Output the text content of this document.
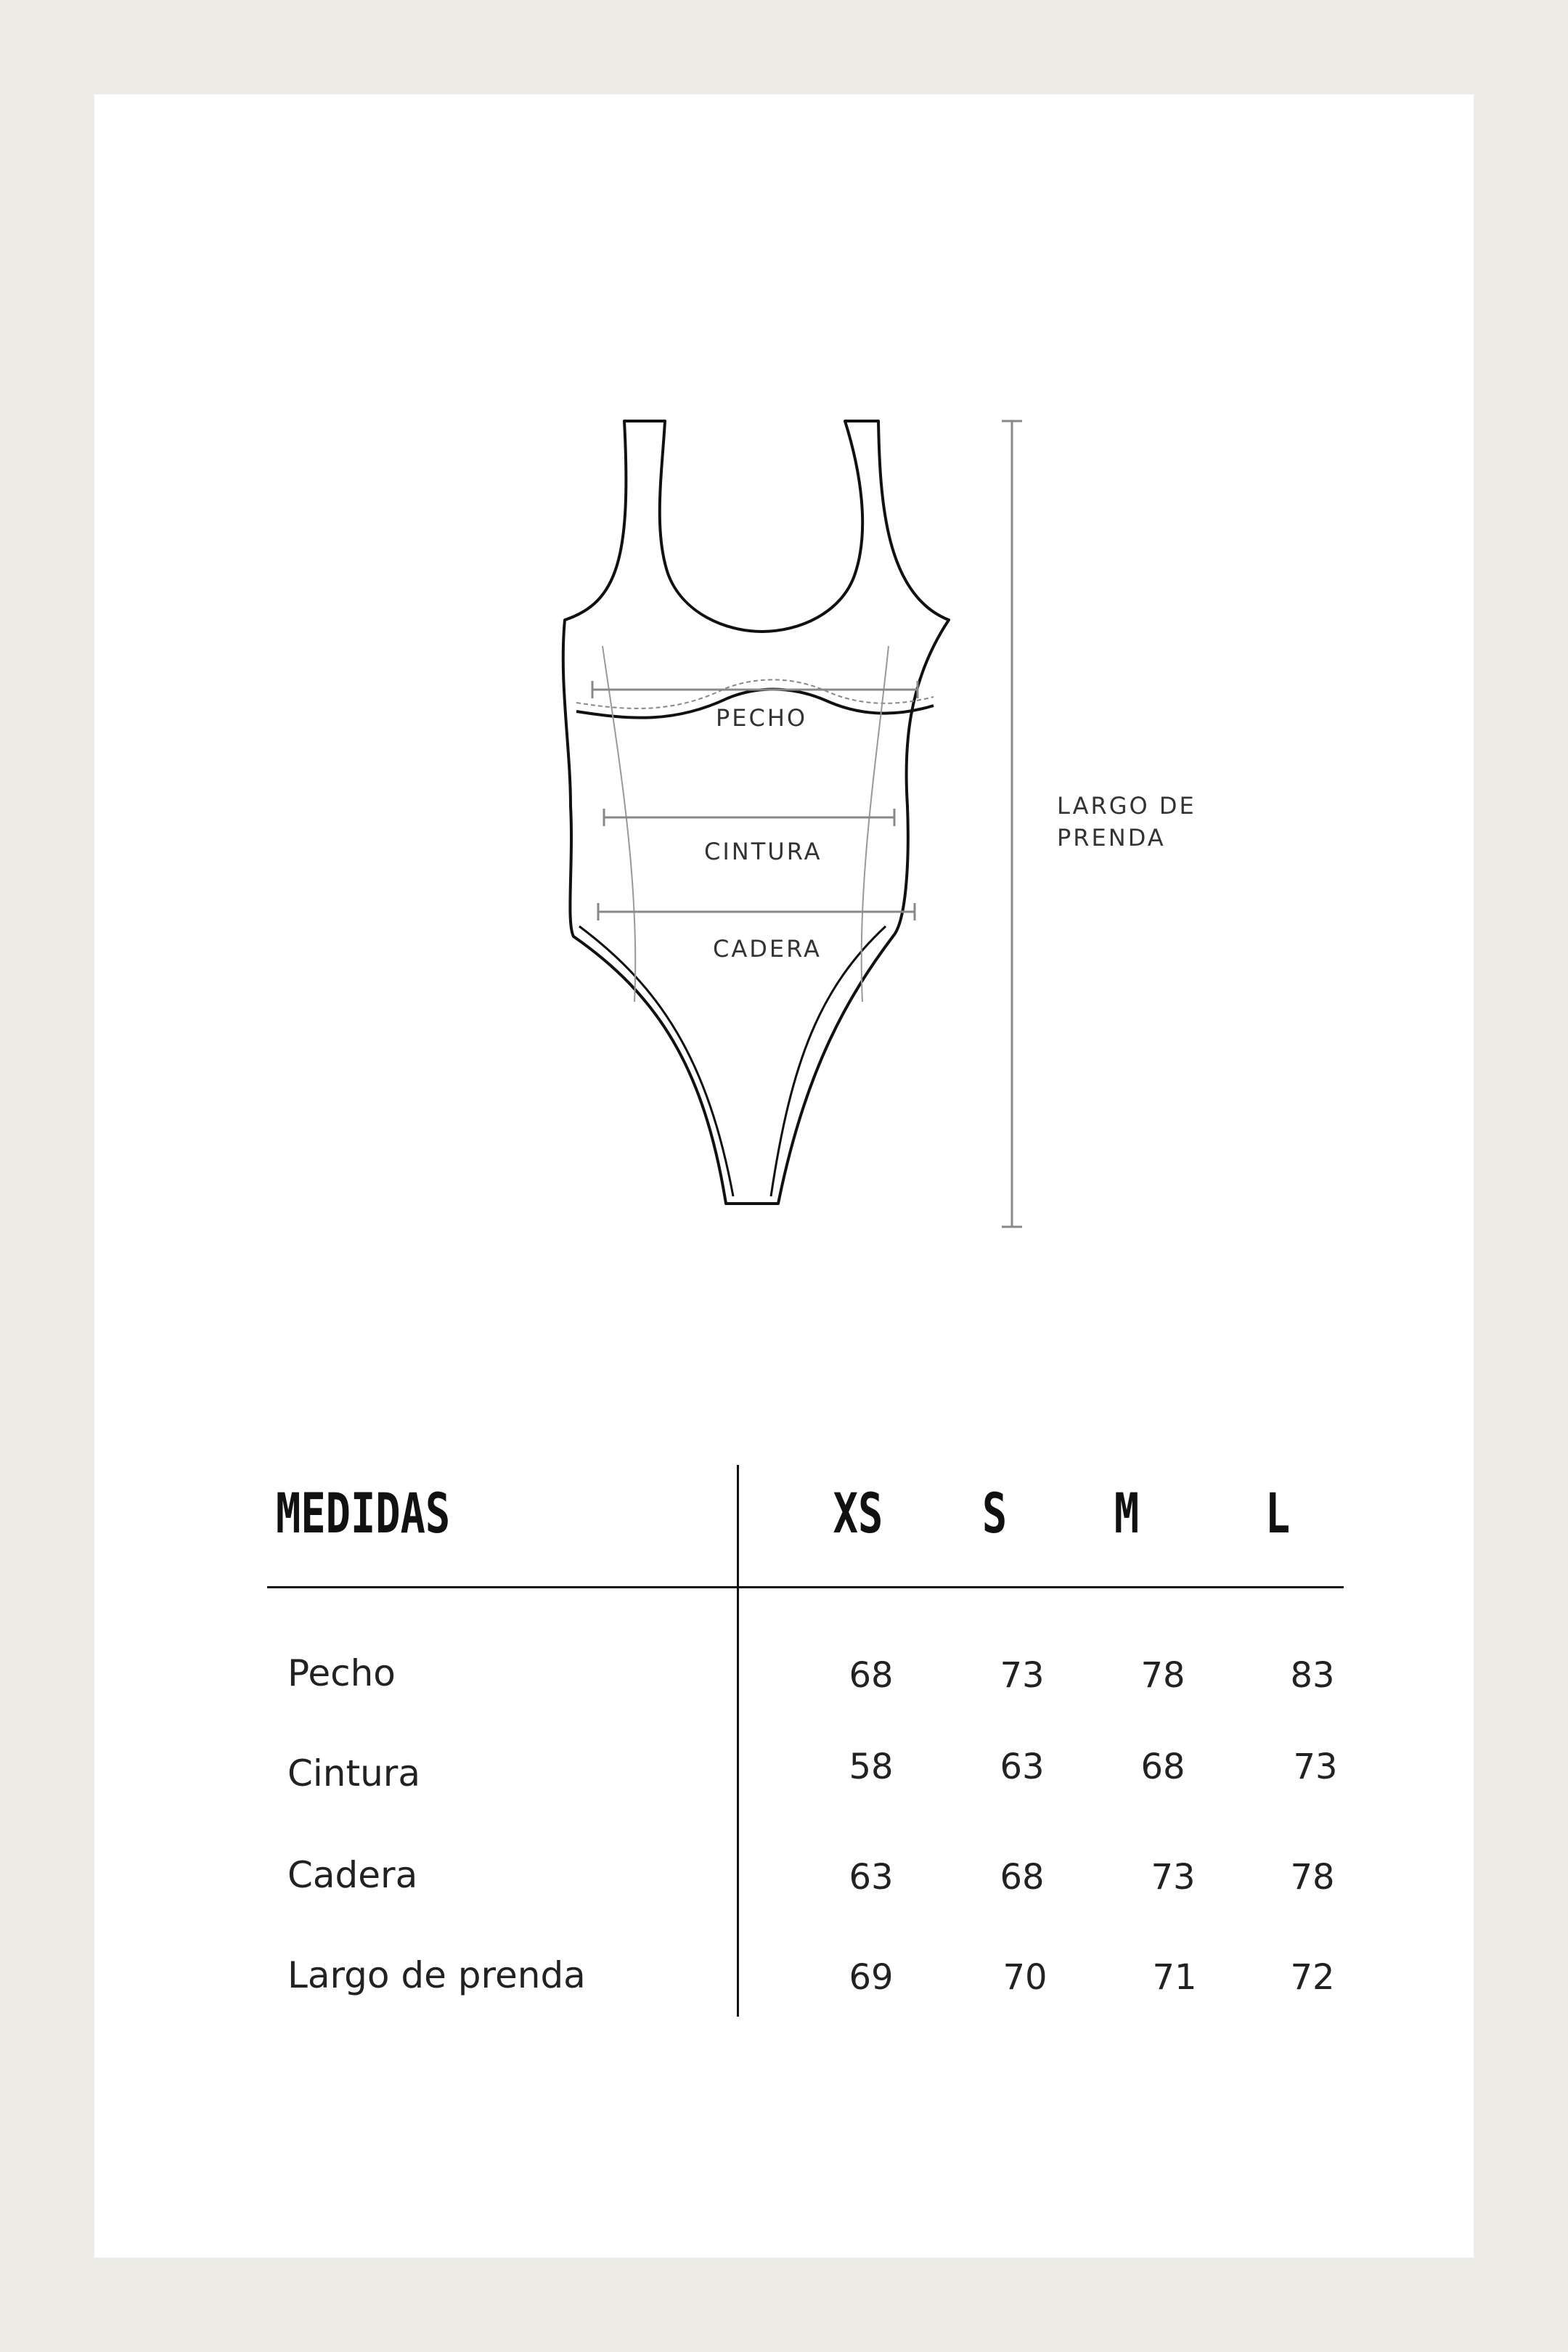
PECHO
CINTURA
CADERA
LARGO DE
PRENDA
MEDIDAS	XS	S	M	L
Pecho	68	73	78	83
Cintura	58	63	68	73
Cadera	63	68	73	78
Largo de prenda	69	70	71	72
